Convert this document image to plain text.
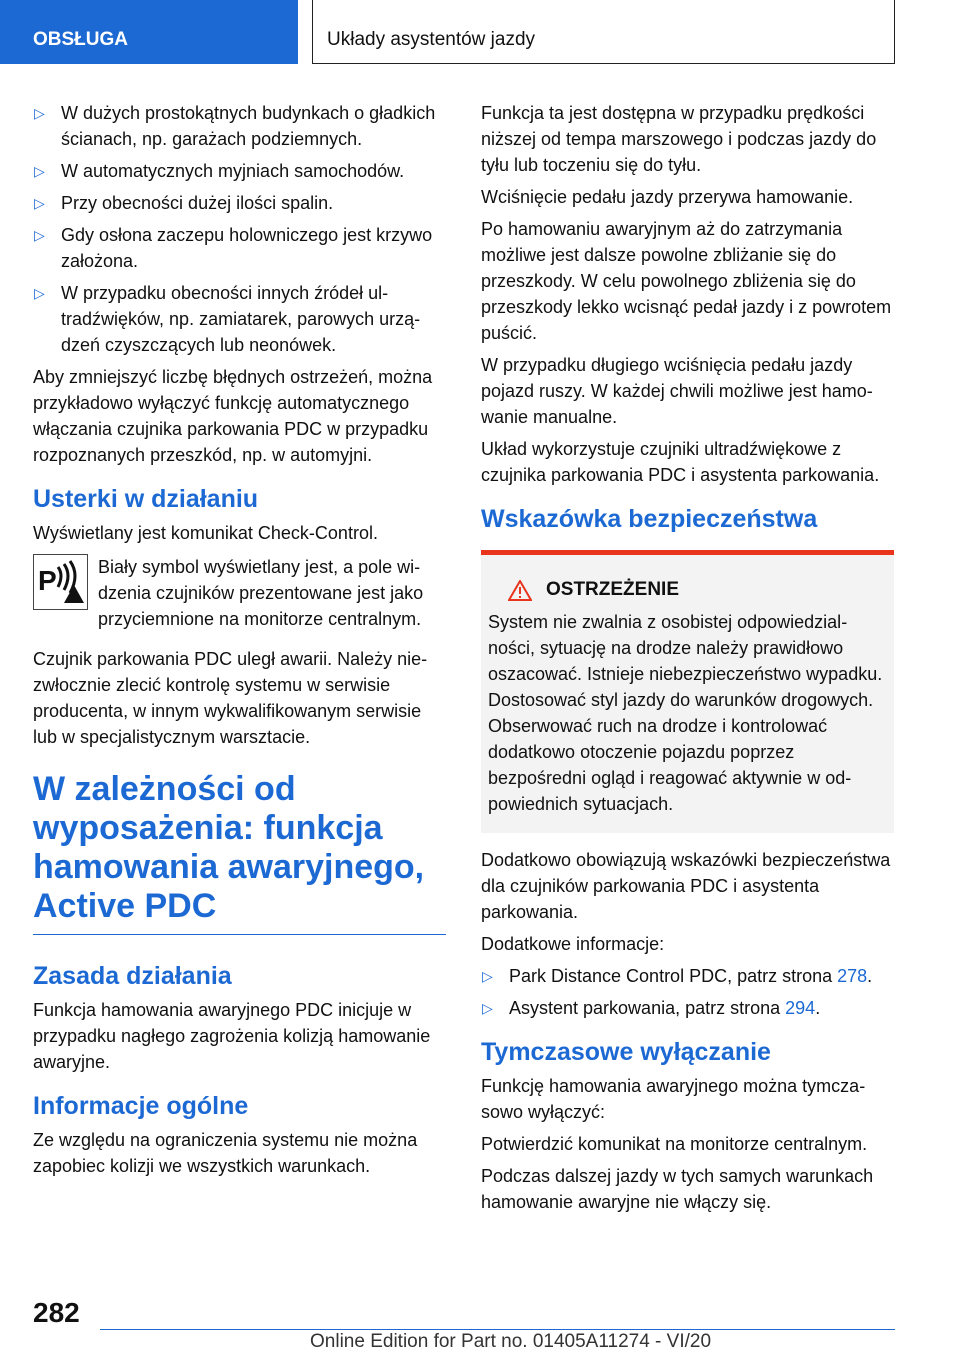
OBSŁUGA	Układy asystentów jazdy
▷ W dużych prostokątnych budynkach o gładkich ścianach, np. garażach podziemnych.
▷ W automatycznych myjniach samochodów.
▷ Przy obecności dużej ilości spalin.
▷ Gdy osłona zaczepu holowniczego jest krzywo założona.
▷ W przypadku obecności innych źródeł ultradźwięków, np. zamiatarek, parowych urządzeń czyszczących lub neonówek.

Aby zmniejszyć liczbę błędnych ostrzeżeń, można przykładowo wyłączyć funkcję automatycznego włączania czujnika parkowania PDC w przypadku rozpoznanych przeszkód, np. w automyjni.

Usterki w działaniu

Wyświetlany jest komunikat Check-Control.

P Biały symbol wyświetlany jest, a pole widzenia czujników prezentowane jest jako przyciemnione na monitorze centralnym.

Czujnik parkowania PDC uległ awarii. Należy niezwłocznie zlecić kontrolę systemu w serwisie producenta, w innym wykwalifikowanym serwisie lub w specjalistycznym warsztacie.

W zależności od wyposażenia: funkcja hamowania awaryjnego, Active PDC
Zasada działania

Funkcja hamowania awaryjnego PDC inicjuje w przypadku nagłego zagrożenia kolizją hamowanie awaryjne.

Informacje ogólne

Ze względu na ograniczenia systemu nie można zapobiec kolizji we wszystkich warunkach.

Funkcja ta jest dostępna w przypadku prędkości niższej od tempa marszowego i podczas jazdy do tyłu lub toczeniu się do tyłu.

Wciśnięcie pedału jazdy przerywa hamowanie.

Po hamowaniu awaryjnym aż do zatrzymania możliwe jest dalsze powolne zbliżanie się do przeszkody. W celu powolnego zbliżenia się do przeszkody lekko wcisnąć pedał jazdy i z powrotem puścić.

W przypadku długiego wciśnięcia pedału jazdy pojazd ruszy. W każdej chwili możliwe jest hamowanie manualne.

Układ wykorzystuje czujniki ultradźwiękowe z czujnika parkowania PDC i asystenta parkowania.

Wskazówka bezpieczeństwa
OSTRZEŻENIE
System nie zwalnia z osobistej odpowiedzialności, sytuację na drodze należy prawidłowo oszacować. Istnieje niebezpieczeństwo wypadku. Dostosować styl jazdy do warunków drogowych. Obserwować ruch na drodze i kontrolować dodatkowo otoczenie pojazdu poprzez bezpośredni ogląd i reagować aktywnie w odpowiednich sytuacjach.

Dodatkowo obowiązują wskazówki bezpieczeństwa dla czujników parkowania PDC i asystenta parkowania.

Dodatkowe informacje:

▷ Park Distance Control PDC, patrz strona 278.
▷ Asystent parkowania, patrz strona 294.
Tymczasowe wyłączanie

Funkcję hamowania awaryjnego można tymczasowo wyłączyć:

Potwierdzić komunikat na monitorze centralnym.

Podczas dalszej jazdy w tych samych warunkach hamowanie awaryjne nie włączy się.

282
Online Edition for Part no. 01405A11274 - VI/20
